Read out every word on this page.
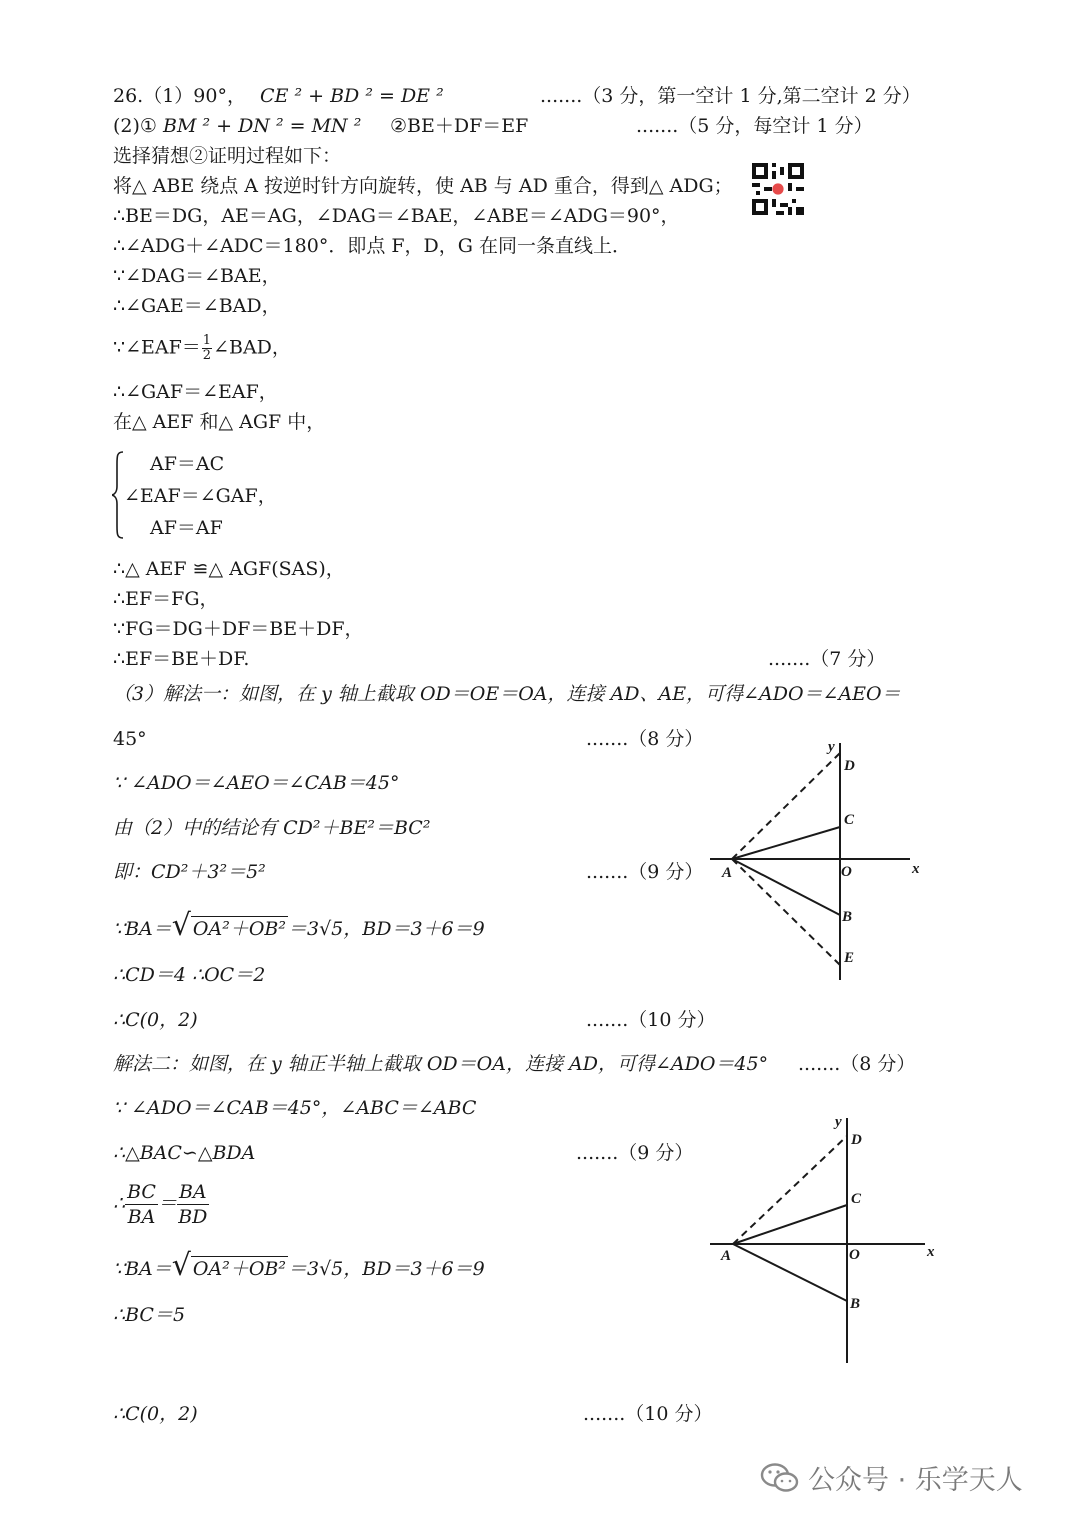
26.（1）90°， CE ² + BD ² = DE ²	.......（3 分，第一空计 1 分,第二空计 2 分）
(2)① BM ² + DN ² = MN ² ②BE＋DF＝EF	.......（5 分，每空计 1 分）
选择猜想②证明过程如下：
将△ ABE 绕点 A 按逆时针方向旋转，使 AB 与 AD 重合，得到△ ADG；
∴BE＝DG，AE＝AG，∠DAG＝∠BAE，∠ABE＝∠ADG＝90°，
∴∠ADG＋∠ADC＝180°．即点 F，D，G 在同一条直线上．
∵∠DAG＝∠BAE，
∴∠GAE＝∠BAD，
∵∠EAF＝ $\frac{1}{2}$ ∠BAD，
∴∠GAF＝∠EAF，
在△ AEF 和△ AGF 中，
AF＝AC
∠EAF＝∠GAF，
AF＝AF
∴△ AEF ≌△ AGF(SAS)，
∴EF＝FG，
∵FG＝DG＋DF＝BE＋DF，
∴EF＝BE＋DF.	.......（7 分）
（3）解法一：如图，在 y 轴上截取 OD＝OE＝OA，连接 AD、AE，可得∠ADO＝∠AEO＝
45°	.......（8 分）
∵ ∠ADO＝∠AEO＝∠CAB＝45°
由（2）中的结论有 CD²＋BE²＝BC²
即：CD²＋3²＝5²	.......（9 分）
∵BA＝√ OA²＋OB² ＝3√5，BD＝3＋6＝9
∴CD＝4 ∴OC＝2
∴C(0，2)	.......（10 分）
y
D
C
O	x
A
B
E
解法二：如图，在 y 轴正半轴上截取 OD＝OA，连接 AD，可得∠ADO＝45° .......（8 分）
∵ ∠ADO＝∠CAB＝45°，∠ABC＝∠ABC
∴△BAC∽△BDA	.......（9 分）
∴ $\frac{BC}{BA} = \frac{BA}{BD}$
∵BA＝√ OA²＋OB² ＝3√5，BD＝3＋6＝9
∴BC＝5
∴C(0，2)	.......（10 分）
y
D
C
O	x
A
B
公众号 · 乐学天人
